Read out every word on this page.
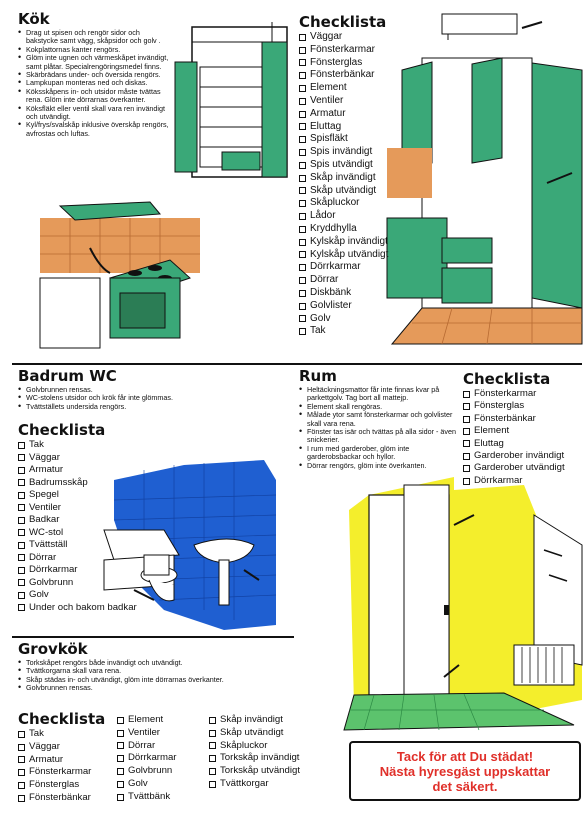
Kök
• Drag ut spisen och rengör sidor och bakstycke samt vägg, skåpsidor och golv .
• Kokplattornas kanter rengörs.
• Glöm inte ugnen och värmeskåpet invändigt, samt plåtar. Specialrengöringsmedel finns.
• Skärbrädans under- och översida rengörs.
• Lampkupan monteras ned och diskas.
• Köksskåpens in- och utsidor måste tvättas rena. Glöm inte dörrarnas överkanter.
• Köksfläkt eller ventil skall vara ren invändigt och utvändigt.
• Kyl/frys/svalskåp inklusive överskåp rengörs, avfrostas och luftas.
Checklista
Väggar
Fönsterkarmar
Fönsterglas
Fönsterbänkar
Element
Ventiler
Armatur
Eluttag
Spisfläkt
Spis invändigt
Spis utvändigt
Skåp invändigt
Skåp utvändigt
Skåpluckor
Lådor
Kryddhylla
Kylskåp invändigt
Kylskåp utvändigt
Dörrkarmar
Dörrar
Diskbänk
Golvlister
Golv
Tak
Badrum WC
• Golvbrunnen rensas.
• WC-stolens utsidor och krök får inte glömmas.
• Tvättställets undersida rengörs.
Checklista
Tak
Väggar
Armatur
Badrumsskåp
Spegel
Ventiler
Badkar
WC-stol
Tvättställ
Dörrar
Dörrkarmar
Golvbrunn
Golv
Under och bakom badkar
Rum
• Heltäckningsmattor får inte finnas kvar på parkettgolv. Tag bort all mattejp.
• Element skall rengöras.
• Målade ytor samt fönsterkarmar och golvlister skall vara rena.
• Fönster tas isär och tvättas på alla sidor - även snickerier.
• I rum med garderober, glöm inte garderobsbackar och hyllor.
• Dörrar rengörs, glöm inte överkanten.
Checklista
Fönsterkarmar
Fönsterglas
Fönsterbänkar
Element
Eluttag
Garderober invändigt
Garderober utvändigt
Dörrkarmar
Grovkök
• Torkskåpet rengörs både invändigt och utvändigt.
• Tvättkorgarna skall vara rena.
• Skåp städas in- och utvändigt, glöm inte dörrarnas överkanter.
• Golvbrunnen rensas.
Checklista
Tak
Väggar
Armatur
Fönsterkarmar
Fönsterglas
Fönsterbänkar
Element
Ventiler
Dörrar
Dörrkarmar
Golvbrunn
Golv
Tvättbänk
Skåp invändigt
Skåp utvändigt
Skåpluckor
Torkskåp invändigt
Torkskåp utvändigt
Tvättkorgar
Tack för att Du städat!
Nästa hyresgäst uppskattar
det säkert.
